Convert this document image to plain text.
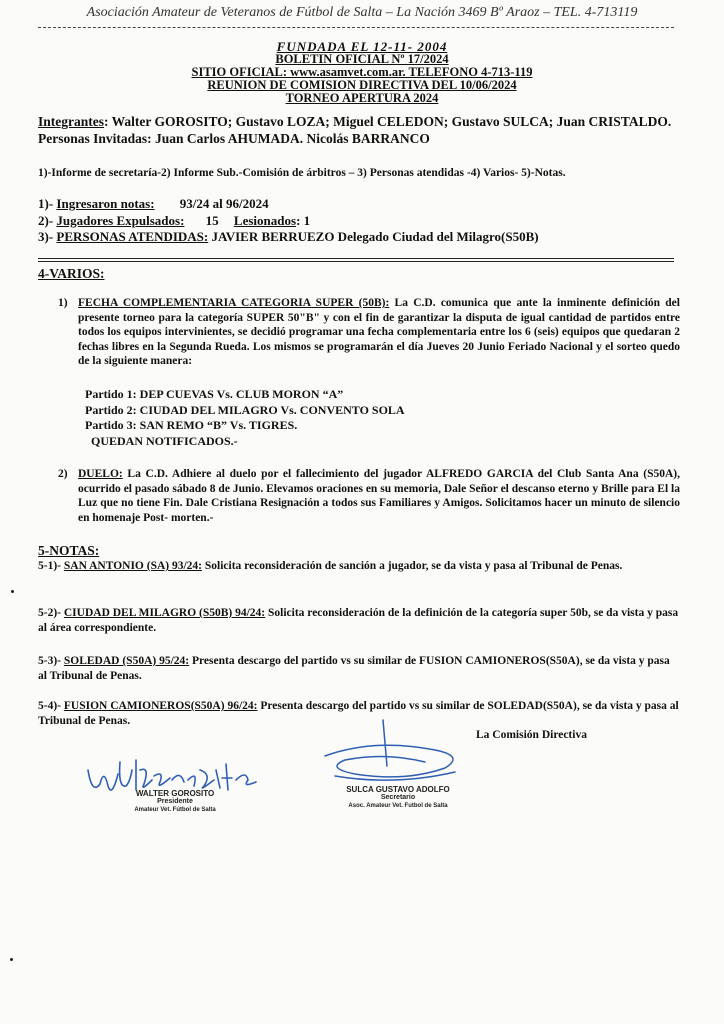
Asociación Amateur de Veteranos de Fútbol de Salta – La Nación 3469 Bº Araoz – TEL. 4-713119
FUNDADA EL 12-11- 2004
BOLETIN OFICIAL Nº 17/2024
SITIO OFICIAL: www.asamvet.com.ar. TELEFONO 4-713-119
REUNION DE COMISION DIRECTIVA DEL 10/06/2024
TORNEO APERTURA 2024
Integrantes: Walter GOROSITO; Gustavo LOZA; Miguel CELEDON; Gustavo SULCA; Juan CRISTALDO. Personas Invitadas: Juan Carlos AHUMADA. Nicolás BARRANCO
1)-Informe de secretaría-2) Informe Sub.-Comisión de árbitros – 3) Personas atendidas -4) Varios- 5)-Notas.
1)- Ingresaron notas: 93/24 al 96/2024
2)- Jugadores Expulsados: 15 Lesionados: 1
3)- PERSONAS ATENDIDAS: JAVIER BERRUEZO Delegado Ciudad del Milagro(S50B)
4-VARIOS:
1) FECHA COMPLEMENTARIA CATEGORIA SUPER (50B): La C.D. comunica que ante la inminente definición del presente torneo para la categoría SUPER 50"B" y con el fin de garantizar la disputa de igual cantidad de partidos entre todos los equipos intervinientes, se decidió programar una fecha complementaria entre los 6 (seis) equipos que quedaran 2 fechas libres en la Segunda Rueda. Los mismos se programarán el día Jueves 20 Junio Feriado Nacional y el sorteo quedo de la siguiente manera:
Partido 1: DEP CUEVAS Vs. CLUB MORON “A”
Partido 2: CIUDAD DEL MILAGRO Vs. CONVENTO SOLA
Partido 3: SAN REMO “B” Vs. TIGRES.
QUEDAN NOTIFICADOS.-
2) DUELO: La C.D. Adhiere al duelo por el fallecimiento del jugador ALFREDO GARCIA del Club Santa Ana (S50A), ocurrido el pasado sábado 8 de Junio. Elevamos oraciones en su memoria, Dale Señor el descanso eterno y Brille para El la Luz que no tiene Fin. Dale Cristiana Resignación a todos sus Familiares y Amigos. Solicitamos hacer un minuto de silencio en homenaje Post- morten.-
5-NOTAS:
5-1)- SAN ANTONIO (SA) 93/24: Solicita reconsideración de sanción a jugador, se da vista y pasa al Tribunal de Penas.
5-2)- CIUDAD DEL MILAGRO (S50B) 94/24: Solicita reconsideración de la definición de la categoría super 50b, se da vista y pasa al área correspondiente.
5-3)- SOLEDAD (S50A) 95/24: Presenta descargo del partido vs su similar de FUSION CAMIONEROS(S50A), se da vista y pasa al Tribunal de Penas.
5-4)- FUSION CAMIONEROS(S50A) 96/24: Presenta descargo del partido vs su similar de SOLEDAD(S50A), se da vista y pasa al Tribunal de Penas.
La Comisión Directiva
WALTER GOROSITO
Presidente
Amateur Vet. Fútbol de Salta
SULCA GUSTAVO ADOLFO
Secretario
Asoc. Amateur Vet. Futbol de Salta
